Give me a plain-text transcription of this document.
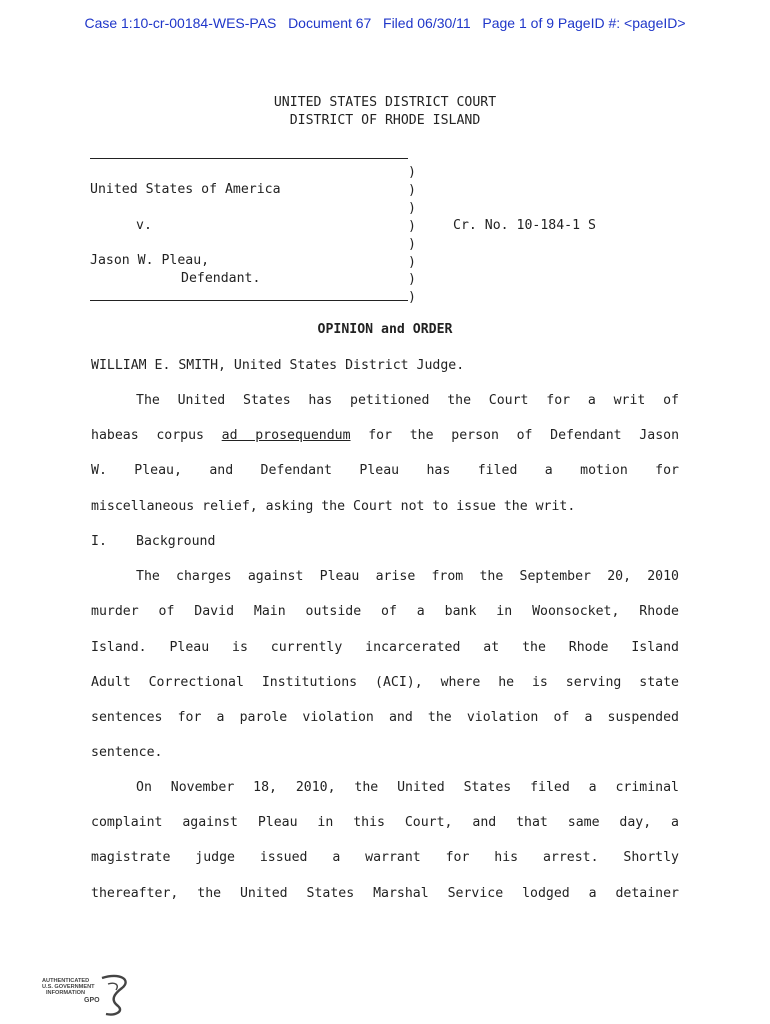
Case 1:10-cr-00184-WES-PAS Document 67 Filed 06/30/11 Page 1 of 9 PageID #: <pageID>
UNITED STATES DISTRICT COURT
DISTRICT OF RHODE ISLAND
United States of America
v.
Jason W. Pleau,
Defendant.
)
)
)
)
)
)
)
)
Cr. No. 10-184-1 S
OPINION and ORDER
WILLIAM E. SMITH, United States District Judge.
The United States has petitioned the Court for a writ of
habeas corpus ad prosequendum for the person of Defendant Jason
W. Pleau, and Defendant Pleau has filed a motion for
miscellaneous relief, asking the Court not to issue the writ.
I. Background
The charges against Pleau arise from the September 20, 2010
murder of David Main outside of a bank in Woonsocket, Rhode
Island. Pleau is currently incarcerated at the Rhode Island
Adult Correctional Institutions (ACI), where he is serving state
sentences for a parole violation and the violation of a suspended
sentence.
On November 18, 2010, the United States filed a criminal
complaint against Pleau in this Court, and that same day, a
magistrate judge issued a warrant for his arrest. Shortly
thereafter, the United States Marshal Service lodged a detainer
AUTHENTICATED
U.S. GOVERNMENT
INFORMATION
GPO
